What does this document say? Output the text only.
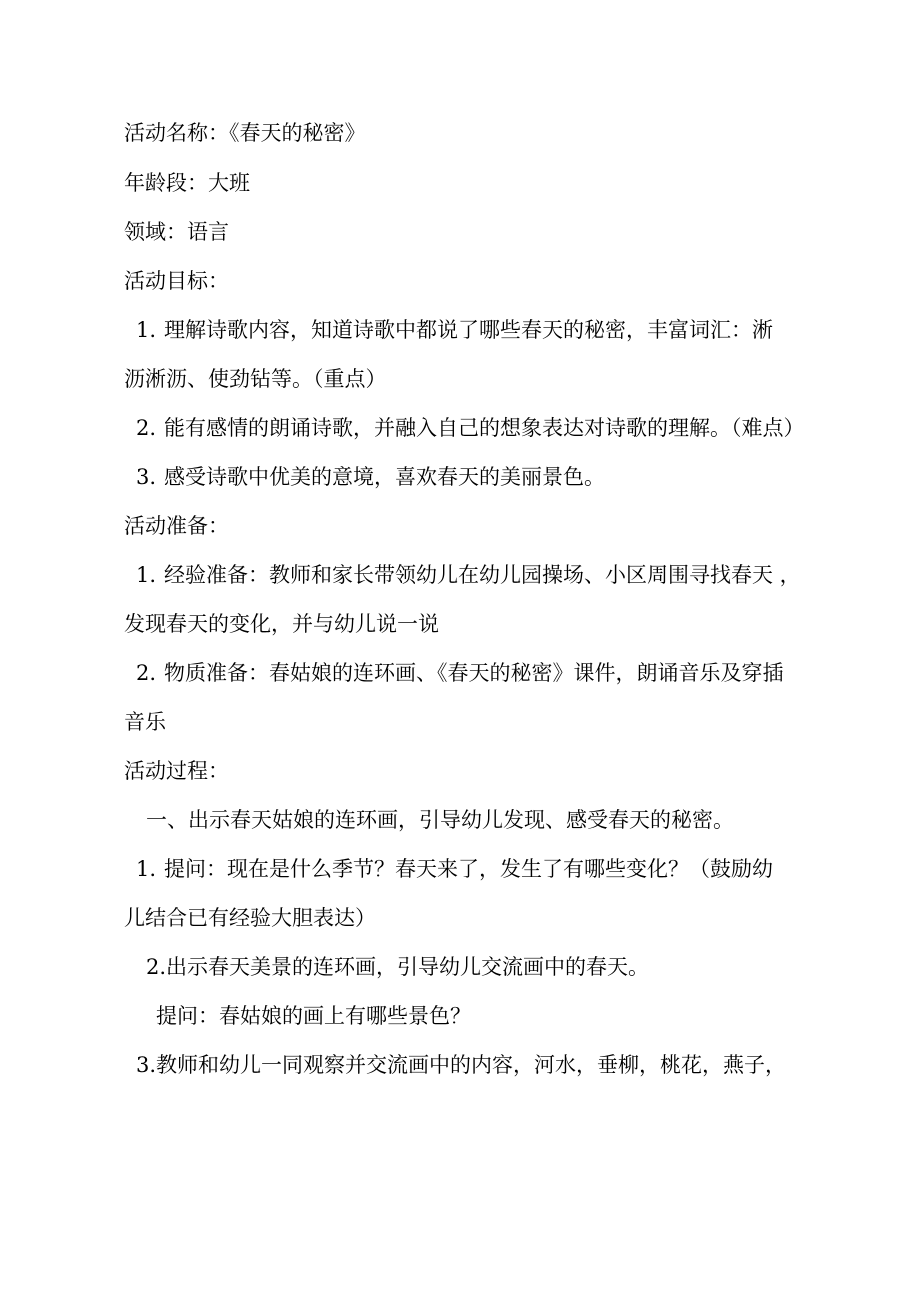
活动名称：《春天的秘密》
年龄段：大班
领域：语言
活动目标：
1. 理解诗歌内容，知道诗歌中都说了哪些春天的秘密，丰富词汇：淅
沥淅沥、使劲钻等。（重点）
2. 能有感情的朗诵诗歌，并融入自己的想象表达对诗歌的理解。（难点）
3. 感受诗歌中优美的意境，喜欢春天的美丽景色。
活动准备：
1. 经验准备：教师和家长带领幼儿在幼儿园操场、小区周围寻找春天 ，
发现春天的变化，并与幼儿说一说
2. 物质准备：春姑娘的连环画、《春天的秘密》课件，朗诵音乐及穿插
音乐
活动过程：
一、出示春天姑娘的连环画，引导幼儿发现、感受春天的秘密。
1. 提问：现在是什么季节？春天来了，发生了有哪些变化？（鼓励幼
儿结合已有经验大胆表达）
2.出示春天美景的连环画，引导幼儿交流画中的春天。
提问：春姑娘的画上有哪些景色？
3.教师和幼儿一同观察并交流画中的内容，河水，垂柳，桃花，燕子，
